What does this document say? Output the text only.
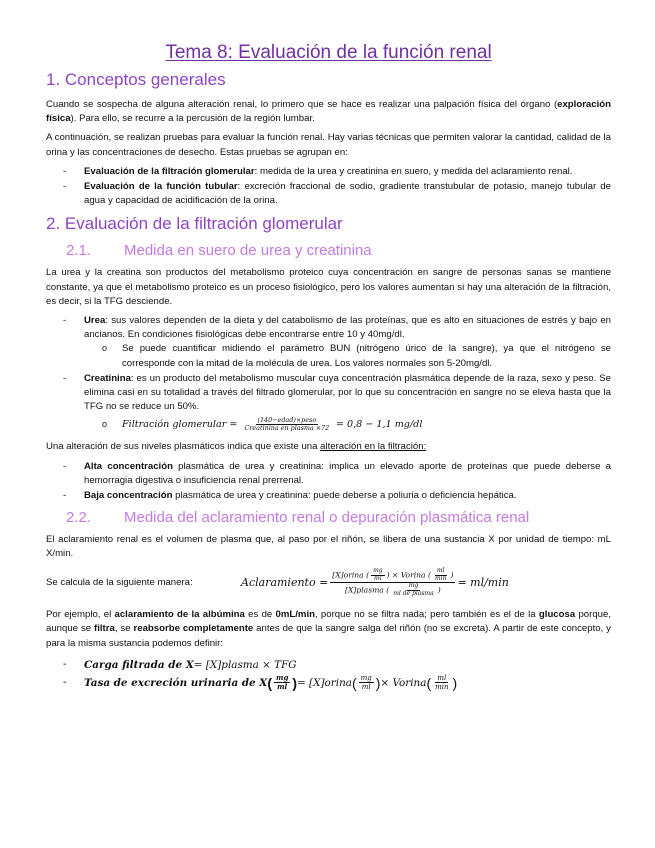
Tema 8: Evaluación de la función renal
1. Conceptos generales

Cuando se sospecha de alguna alteración renal, lo primero que se hace es realizar una palpación física del órgano (exploración física). Para ello, se recurre a la percusión de la región lumbar.

A continuación, se realizan pruebas para evaluar la función renal. Hay varias técnicas que permiten valorar la cantidad, calidad de la orina y las concentraciones de desecho. Estas pruebas se agrupan en:

- Evaluación de la filtración glomerular: medida de la urea y creatinina en suero, y medida del aclaramiento renal.
- Evaluación de la función tubular: excreción fraccional de sodio, gradiente transtubular de potasio, manejo tubular de agua y capacidad de acidificación de la orina.
2. Evaluación de la filtración glomerular
2.1.	Medida en suero de urea y creatinina

La urea y la creatina son productos del metabolismo proteico cuya concentración en sangre de personas sanas se mantiene constante, ya que el metabolismo proteico es un proceso fisiológico, pero los valores aumentan si hay una alteración de la filtración, es decir, si la TFG desciende.

- Urea: sus valores dependen de la dieta y del catabolismo de las proteínas, que es alto en situaciones de estrés y bajo en ancianos. En condiciones fisiológicas debe encontrarse entre 10 y 40mg/dl.
o Se puede cuantificar midiendo el parámetro BUN (nitrógeno úrico de la sangre), ya que el nitrógeno se corresponde con la mitad de la molécula de urea. Los valores normales son 5-20mg/dl.
- Creatinina: es un producto del metabolismo muscular cuya concentración plasmática depende de la raza, sexo y peso. Se elimina casi en su totalidad a través del filtrado glomerular, por lo que su concentración en sangre no se eleva hasta que la TFG no se reduce un 50%.
o Filtración glomerular = $\frac{\text{(140−edad)×peso}}{\text{Creatinina en plasma ×72}} = 0,8 - 1,1$ mg/dl

Una alteración de sus niveles plasmáticos indica que existe una alteración en la filtración:

- Alta concentración plasmática de urea y creatinina: implica un elevado aporte de proteínas que puede deberse a hemorragia digestiva o insuficiencia renal prerrenal.
- Baja concentración plasmática de urea y creatinina: puede deberse a poliuria o deficiencia hepática.
2.2.	Medida del aclaramiento renal o depuración plasmática renal

El aclaramiento renal es el volumen de plasma que, al paso por el riñón, se libera de una sustancia X por unidad de tiempo: mL X/min.

Se calcula de la siguiente manera:	Aclaramiento = $\frac{[X]orina ( \frac{mg}{ml} ) \times Vorina ( \frac{ml}{\min} )}{[X]plasma ( \frac{mg}{\text{ml de plasma}} )} = ml/\min$

Por ejemplo, el aclaramiento de la albúmina es de 0mL/min, porque no se filtra nada; pero también es el de la glucosa porque, aunque se filtra, se reabsorbe completamente antes de que la sangre salga del riñón (no se excreta). A partir de este concepto, y para la misma sustancia podemos definir:

- Carga filtrada de X = [X]plasma × TFG
- Tasa de excreción urinaria de X ( $\frac{mg}{ml}$ ) = [X]orina ( $\frac{mg}{ml}$ ) × Vorina ( $\frac{ml}{\min}$ )
